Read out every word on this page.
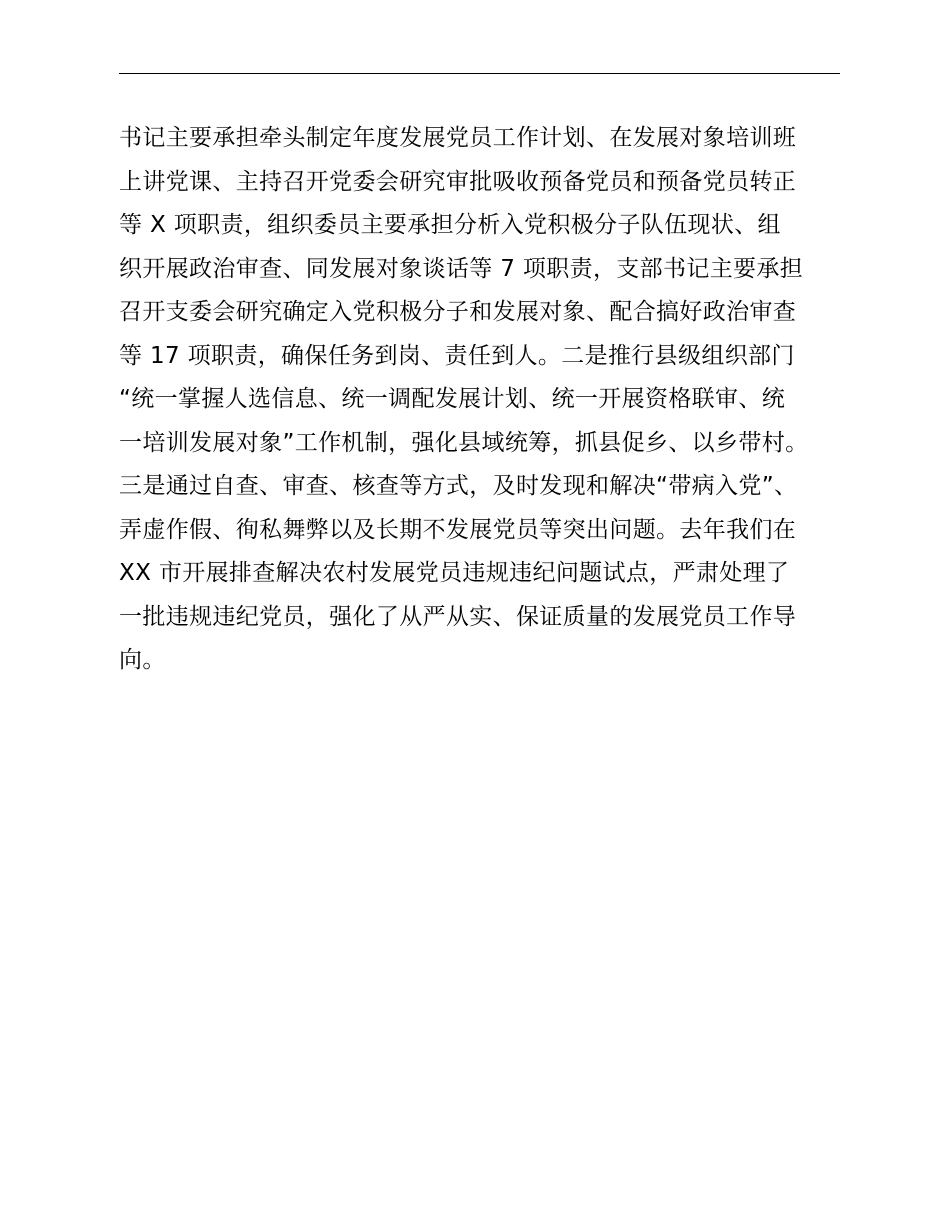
书记主要承担牵头制定年度发展党员工作计划、在发展对象培训班
上讲党课、主持召开党委会研究审批吸收预备党员和预备党员转正
等 X 项职责，组织委员主要承担分析入党积极分子队伍现状、组
织开展政治审查、同发展对象谈话等 7 项职责，支部书记主要承担
召开支委会研究确定入党积极分子和发展对象、配合搞好政治审查
等 17 项职责，确保任务到岗、责任到人。二是推行县级组织部门
“统一掌握人选信息、统一调配发展计划、统一开展资格联审、统
一培训发展对象”工作机制，强化县域统筹，抓县促乡、以乡带村。
三是通过自查、审查、核查等方式，及时发现和解决“带病入党”、
弄虚作假、徇私舞弊以及长期不发展党员等突出问题。去年我们在
XX 市开展排查解决农村发展党员违规违纪问题试点，严肃处理了
一批违规违纪党员，强化了从严从实、保证质量的发展党员工作导
向。
